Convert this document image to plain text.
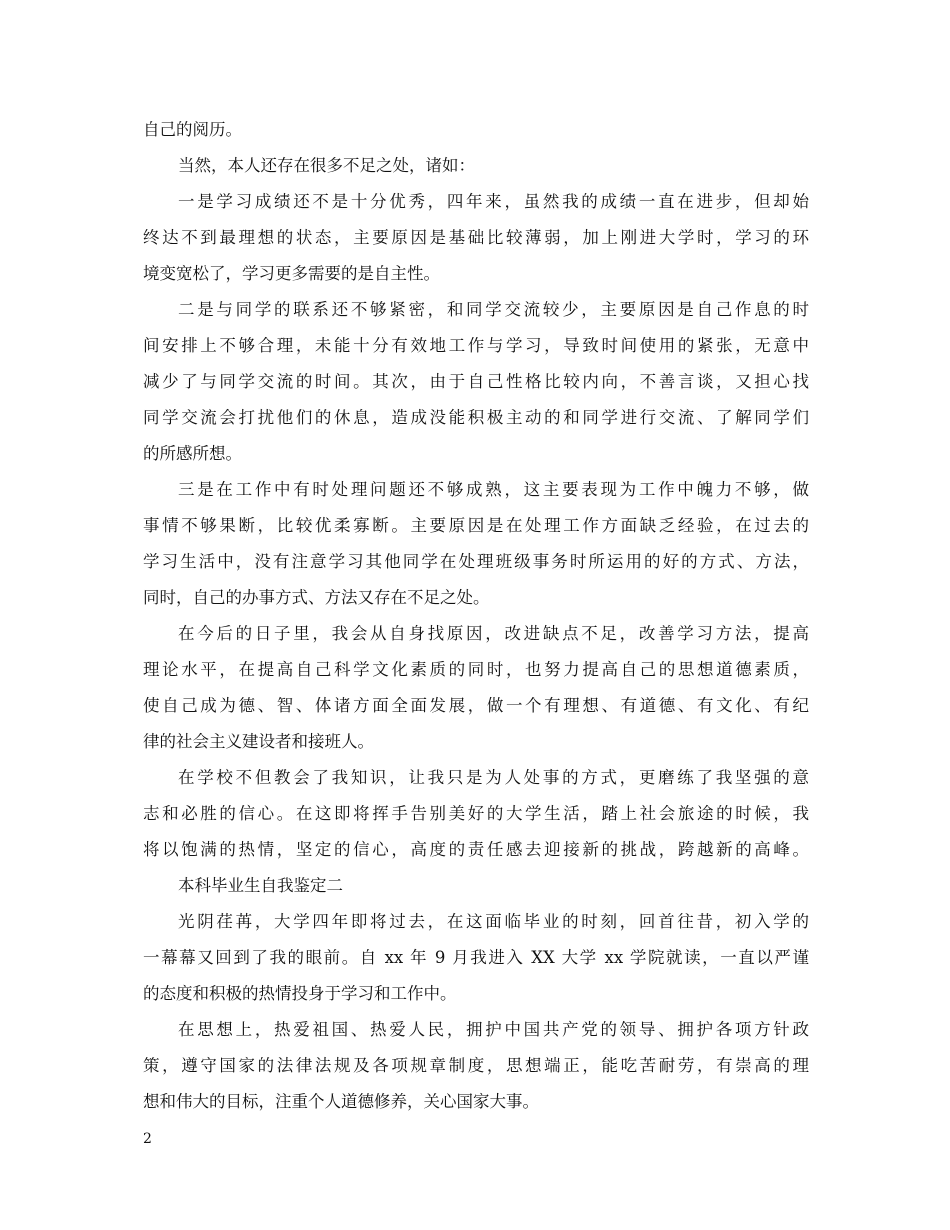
自己的阅历。
当然，本人还存在很多不足之处，诸如：
一是学习成绩还不是十分优秀，四年来，虽然我的成绩一直在进步，但却始
终达不到最理想的状态，主要原因是基础比较薄弱，加上刚进大学时，学习的环
境变宽松了，学习更多需要的是自主性。
二是与同学的联系还不够紧密，和同学交流较少，主要原因是自己作息的时
间安排上不够合理，未能十分有效地工作与学习，导致时间使用的紧张，无意中
减少了与同学交流的时间。其次，由于自己性格比较内向，不善言谈，又担心找
同学交流会打扰他们的休息，造成没能积极主动的和同学进行交流、了解同学们
的所感所想。
三是在工作中有时处理问题还不够成熟，这主要表现为工作中魄力不够，做
事情不够果断，比较优柔寡断。主要原因是在处理工作方面缺乏经验，在过去的
学习生活中，没有注意学习其他同学在处理班级事务时所运用的好的方式、方法，
同时，自己的办事方式、方法又存在不足之处。
在今后的日子里，我会从自身找原因，改进缺点不足，改善学习方法，提高
理论水平，在提高自己科学文化素质的同时，也努力提高自己的思想道德素质，
使自己成为德、智、体诸方面全面发展，做一个有理想、有道德、有文化、有纪
律的社会主义建设者和接班人。
在学校不但教会了我知识，让我只是为人处事的方式，更磨练了我坚强的意
志和必胜的信心。在这即将挥手告别美好的大学生活，踏上社会旅途的时候，我
将以饱满的热情，坚定的信心，高度的责任感去迎接新的挑战，跨越新的高峰。
本科毕业生自我鉴定二
光阴荏苒，大学四年即将过去，在这面临毕业的时刻，回首往昔，初入学的
一幕幕又回到了我的眼前。自 xx 年 9 月我进入 XX 大学 xx 学院就读，一直以严谨
的态度和积极的热情投身于学习和工作中。
在思想上，热爱祖国、热爱人民，拥护中国共产党的领导、拥护各项方针政
策，遵守国家的法律法规及各项规章制度，思想端正，能吃苦耐劳，有崇高的理
想和伟大的目标，注重个人道德修养，关心国家大事。
2
